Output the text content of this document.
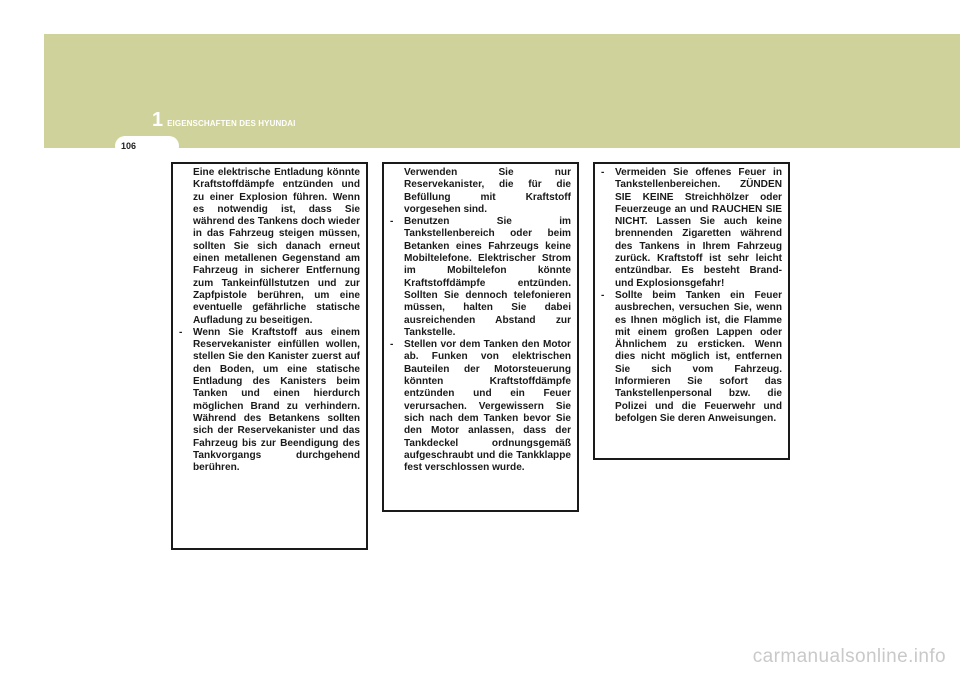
1 EIGENSCHAFTEN DES HYUNDAI
106
Eine elektrische Entladung könnte Kraftstoffdämpfe entzünden und zu einer Explosion führen. Wenn es notwendig ist, dass Sie während des Tankens doch wieder in das Fahrzeug steigen müssen, sollten Sie sich danach erneut einen metallenen Gegenstand am Fahrzeug in sicherer Entfernung zum Tankeinfüllstutzen und zur Zapfpistole berühren, um eine eventuelle gefährliche statische Aufladung zu beseitigen.
- Wenn Sie Kraftstoff aus einem Reservekanister einfüllen wollen, stellen Sie den Kanister zuerst auf den Boden, um eine statische Entladung des Kanisters beim Tanken und einen hierdurch möglichen Brand zu verhindern. Während des Betankens sollten sich der Reservekanister und das Fahrzeug bis zur Beendigung des Tankvorgangs durchgehend berühren.
Verwenden Sie nur Reservekanister, die für die Befüllung mit Kraftstoff vorgesehen sind.
- Benutzen Sie im Tankstellenbereich oder beim Betanken eines Fahrzeugs keine Mobiltelefone. Elektrischer Strom im Mobiltelefon könnte Kraftstoffdämpfe entzünden. Sollten Sie dennoch telefonieren müssen, halten Sie dabei ausreichenden Abstand zur Tankstelle.
- Stellen vor dem Tanken den Motor ab. Funken von elektrischen Bauteilen der Motorsteuerung könnten Kraftstoffdämpfe entzünden und ein Feuer verursachen. Vergewissern Sie sich nach dem Tanken bevor Sie den Motor anlassen, dass der Tankdeckel ordnungsgemäß aufgeschraubt und die Tankklappe fest verschlossen wurde.
- Vermeiden Sie offenes Feuer in Tankstellenbereichen. ZÜNDEN SIE KEINE Streichhölzer oder Feuerzeuge an und RAUCHEN SIE NICHT. Lassen Sie auch keine brennenden Zigaretten während des Tankens in Ihrem Fahrzeug zurück. Kraftstoff ist sehr leicht entzündbar. Es besteht Brand- und Explosionsgefahr!
- Sollte beim Tanken ein Feuer ausbrechen, versuchen Sie, wenn es Ihnen möglich ist, die Flamme mit einem großen Lappen oder Ähnlichem zu ersticken. Wenn dies nicht möglich ist, entfernen Sie sich vom Fahrzeug. Informieren Sie sofort das Tankstellenpersonal bzw. die Polizei und die Feuerwehr und befolgen Sie deren Anweisungen.
carmanualsonline.info
